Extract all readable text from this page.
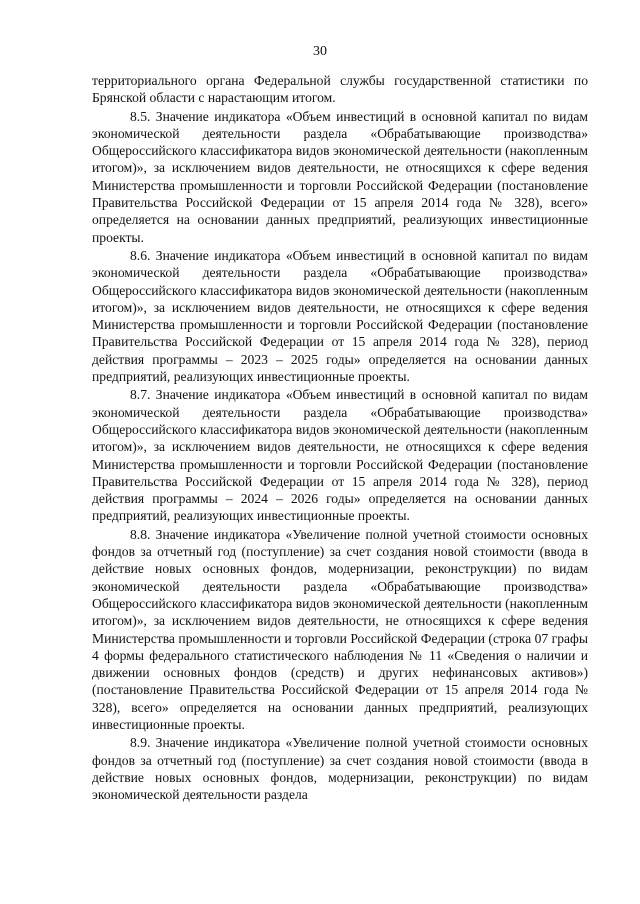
30

территориального органа Федеральной службы государственной статистики по Брянской области с нарастающим итогом.

8.5. Значение индикатора «Объем инвестиций в основной капитал по видам экономической деятельности раздела «Обрабатывающие производства» Общероссийского классификатора видов экономической деятельности (накопленным итогом)», за исключением видов деятельности, не относящихся к сфере ведения Министерства промышленности и торговли Российской Федерации (постановление Правительства Российской Федерации от 15 апреля 2014 года № 328), всего» определяется на основании данных предприятий, реализующих инвестиционные проекты.

8.6. Значение индикатора «Объем инвестиций в основной капитал по видам экономической деятельности раздела «Обрабатывающие производства» Общероссийского классификатора видов экономической деятельности (накопленным итогом)», за исключением видов деятельности, не относящихся к сфере ведения Министерства промышленности и торговли Российской Федерации (постановление Правительства Российской Федерации от 15 апреля 2014 года № 328), период действия программы – 2023 – 2025 годы» определяется на основании данных предприятий, реализующих инвестиционные проекты.

8.7. Значение индикатора «Объем инвестиций в основной капитал по видам экономической деятельности раздела «Обрабатывающие производства» Общероссийского классификатора видов экономической деятельности (накопленным итогом)», за исключением видов деятельности, не относящихся к сфере ведения Министерства промышленности и торговли Российской Федерации (постановление Правительства Российской Федерации от 15 апреля 2014 года № 328), период действия программы – 2024 – 2026 годы» определяется на основании данных предприятий, реализующих инвестиционные проекты.

8.8. Значение индикатора «Увеличение полной учетной стоимости основных фондов за отчетный год (поступление) за счет создания новой стоимости (ввода в действие новых основных фондов, модернизации, реконструкции) по видам экономической деятельности раздела «Обрабатывающие производства» Общероссийского классификатора видов экономической деятельности (накопленным итогом)», за исключением видов деятельности, не относящихся к сфере ведения Министерства промышленности и торговли Российской Федерации (строка 07 графы 4 формы федерального статистического наблюдения № 11 «Сведения о наличии и движении основных фондов (средств) и других нефинансовых активов») (постановление Правительства Российской Федерации от 15 апреля 2014 года № 328), всего» определяется на основании данных предприятий, реализующих инвестиционные проекты.

8.9. Значение индикатора «Увеличение полной учетной стоимости основных фондов за отчетный год (поступление) за счет создания новой стоимости (ввода в действие новых основных фондов, модернизации, реконструкции) по видам экономической деятельности раздела
